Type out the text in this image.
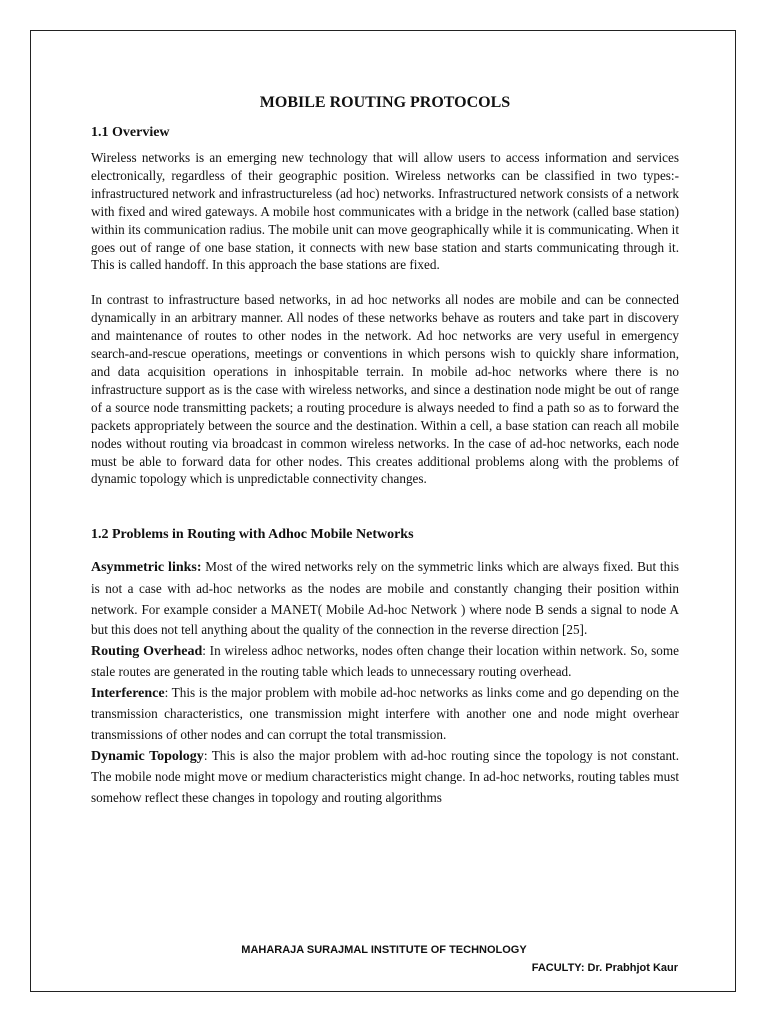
MOBILE ROUTING PROTOCOLS
1.1 Overview

Wireless networks is an emerging new technology that will allow users to access information and services electronically, regardless of their geographic position. Wireless networks can be classified in two types:- infrastructured network and infrastructureless (ad hoc) networks. Infrastructured network consists of a network with fixed and wired gateways. A mobile host communicates with a bridge in the network (called base station) within its communication radius. The mobile unit can move geographically while it is communicating. When it goes out of range of one base station, it connects with new base station and starts communicating through it. This is called handoff. In this approach the base stations are fixed.

In contrast to infrastructure based networks, in ad hoc networks all nodes are mobile and can be connected dynamically in an arbitrary manner. All nodes of these networks behave as routers and take part in discovery and maintenance of routes to other nodes in the network. Ad hoc networks are very useful in emergency search-and-rescue operations, meetings or conventions in which persons wish to quickly share information, and data acquisition operations in inhospitable terrain. In mobile ad-hoc networks where there is no infrastructure support as is the case with wireless networks, and since a destination node might be out of range of a source node transmitting packets; a routing procedure is always needed to find a path so as to forward the packets appropriately between the source and the destination. Within a cell, a base station can reach all mobile nodes without routing via broadcast in common wireless networks. In the case of ad-hoc networks, each node must be able to forward data for other nodes. This creates additional problems along with the problems of dynamic topology which is unpredictable connectivity changes.

1.2 Problems in Routing with Adhoc Mobile Networks

Asymmetric links: Most of the wired networks rely on the symmetric links which are always fixed. But this is not a case with ad-hoc networks as the nodes are mobile and constantly changing their position within network. For example consider a MANET( Mobile Ad-hoc Network ) where node B sends a signal to node A but this does not tell anything about the quality of the connection in the reverse direction [25].

Routing Overhead: In wireless adhoc networks, nodes often change their location within network. So, some stale routes are generated in the routing table which leads to unnecessary routing overhead.

Interference: This is the major problem with mobile ad-hoc networks as links come and go depending on the transmission characteristics, one transmission might interfere with another one and node might overhear transmissions of other nodes and can corrupt the total transmission.

Dynamic Topology: This is also the major problem with ad-hoc routing since the topology is not constant. The mobile node might move or medium characteristics might change. In ad-hoc networks, routing tables must somehow reflect these changes in topology and routing algorithms

MAHARAJA SURAJMAL INSTITUTE OF TECHNOLOGY
FACULTY: Dr. Prabhjot Kaur
